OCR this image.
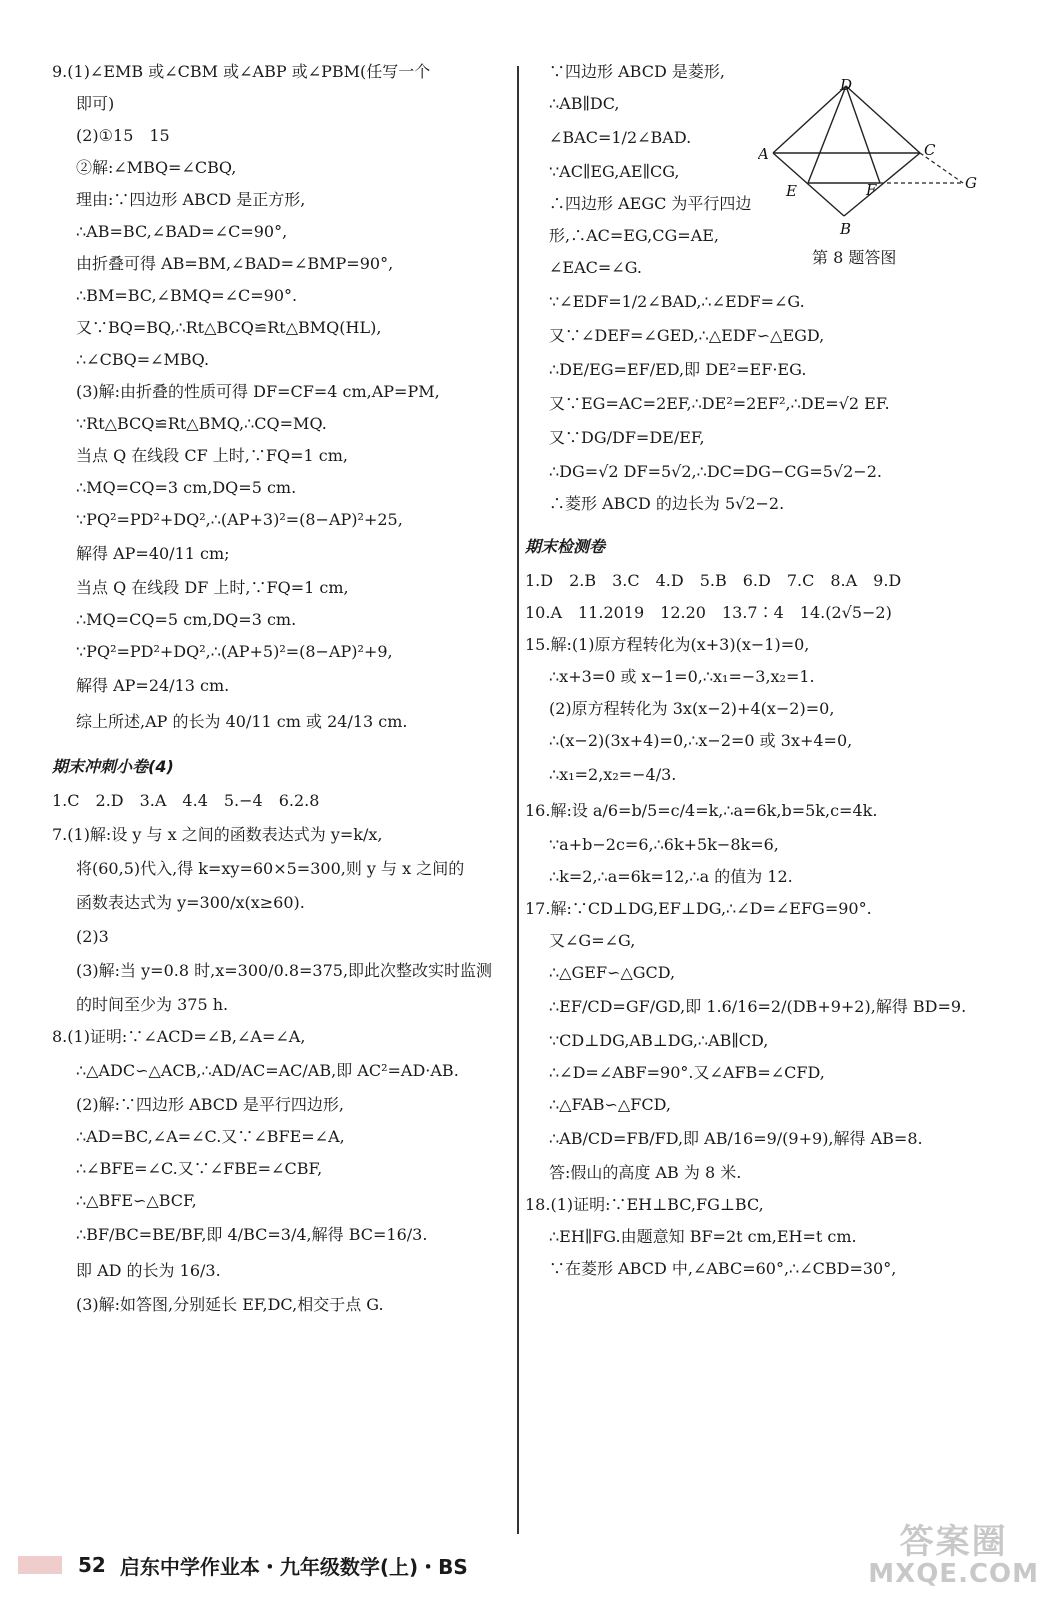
9.(1)∠EMB 或∠CBM 或∠ABP 或∠PBM(任写一个
即可)
(2)①15　15
②解:∠MBQ=∠CBQ,
理由:∵四边形 ABCD 是正方形,
∴AB=BC,∠BAD=∠C=90°,
由折叠可得 AB=BM,∠BAD=∠BMP=90°,
∴BM=BC,∠BMQ=∠C=90°.
又∵BQ=BQ,∴Rt△BCQ≌Rt△BMQ(HL),
∴∠CBQ=∠MBQ.
(3)解:由折叠的性质可得 DF=CF=4 cm,AP=PM,
∵Rt△BCQ≌Rt△BMQ,∴CQ=MQ.
当点 Q 在线段 CF 上时,∵FQ=1 cm,
∴MQ=CQ=3 cm,DQ=5 cm.
∵PQ²=PD²+DQ²,∴(AP+3)²=(8−AP)²+25,
解得 AP=40/11 cm;
当点 Q 在线段 DF 上时,∵FQ=1 cm,
∴MQ=CQ=5 cm,DQ=3 cm.
∵PQ²=PD²+DQ²,∴(AP+5)²=(8−AP)²+9,
解得 AP=24/13 cm.
综上所述,AP 的长为 40/11 cm 或 24/13 cm.
期末冲刺小卷(4)
1.C　2.D　3.A　4.4　5.−4　6.2.8
7.(1)解:设 y 与 x 之间的函数表达式为 y=k/x,
将(60,5)代入,得 k=xy=60×5=300,则 y 与 x 之间的
函数表达式为 y=300/x(x≥60).
(2)3
(3)解:当 y=0.8 时,x=300/0.8=375,即此次整改实时监测
的时间至少为 375 h.
8.(1)证明:∵∠ACD=∠B,∠A=∠A,
∴△ADC∽△ACB,∴AD/AC=AC/AB,即 AC²=AD·AB.
(2)解:∵四边形 ABCD 是平行四边形,
∴AD=BC,∠A=∠C.又∵∠BFE=∠A,
∴∠BFE=∠C.又∵∠FBE=∠CBF,
∴△BFE∽△BCF,
∴BF/BC=BE/BF,即 4/BC=3/4,解得 BC=16/3.
即 AD 的长为 16/3.
(3)解:如答图,分别延长 EF,DC,相交于点 G.
∵四边形 ABCD 是菱形,
∴AB∥DC,
∠BAC=1/2∠BAD.
∵AC∥EG,AE∥CG,
∴四边形 AEGC 为平行四边
形,∴AC=EG,CG=AE,
∠EAC=∠G.
∵∠EDF=1/2∠BAD,∴∠EDF=∠G.
又∵∠DEF=∠GED,∴△EDF∽△EGD,
∴DE/EG=EF/ED,即 DE²=EF·EG.
又∵EG=AC=2EF,∴DE²=2EF²,∴DE=√2 EF.
又∵DG/DF=DE/EF,
∴DG=√2 DF=5√2,∴DC=DG−CG=5√2−2.
∴菱形 ABCD 的边长为 5√2−2.
期末检测卷
1.D　2.B　3.C　4.D　5.B　6.D　7.C　8.A　9.D
10.A　11.2019　12.20　13.7∶4　14.(2√5−2)
15.解:(1)原方程转化为(x+3)(x−1)=0,
∴x+3=0 或 x−1=0,∴x₁=−3,x₂=1.
(2)原方程转化为 3x(x−2)+4(x−2)=0,
∴(x−2)(3x+4)=0,∴x−2=0 或 3x+4=0,
∴x₁=2,x₂=−4/3.
16.解:设 a/6=b/5=c/4=k,∴a=6k,b=5k,c=4k.
∵a+b−2c=6,∴6k+5k−8k=6,
∴k=2,∴a=6k=12,∴a 的值为 12.
17.解:∵CD⊥DG,EF⊥DG,∴∠D=∠EFG=90°.
又∠G=∠G,
∴△GEF∽△GCD,
∴EF/CD=GF/GD,即 1.6/16=2/(DB+9+2),解得 BD=9.
∵CD⊥DG,AB⊥DG,∴AB∥CD,
∴∠D=∠ABF=90°.又∠AFB=∠CFD,
∴△FAB∽△FCD,
∴AB/CD=FB/FD,即 AB/16=9/(9+9),解得 AB=8.
答:假山的高度 AB 为 8 米.
18.(1)证明:∵EH⊥BC,FG⊥BC,
∴EH∥FG.由题意知 BF=2t cm,EH=t cm.
∵在菱形 ABCD 中,∠ABC=60°,∴∠CBD=30°,
D
A	C
G
E	F
B
第 8 题答图
52 启东中学作业本・九年级数学(上)・BS
答案圈
MXQE.COM
